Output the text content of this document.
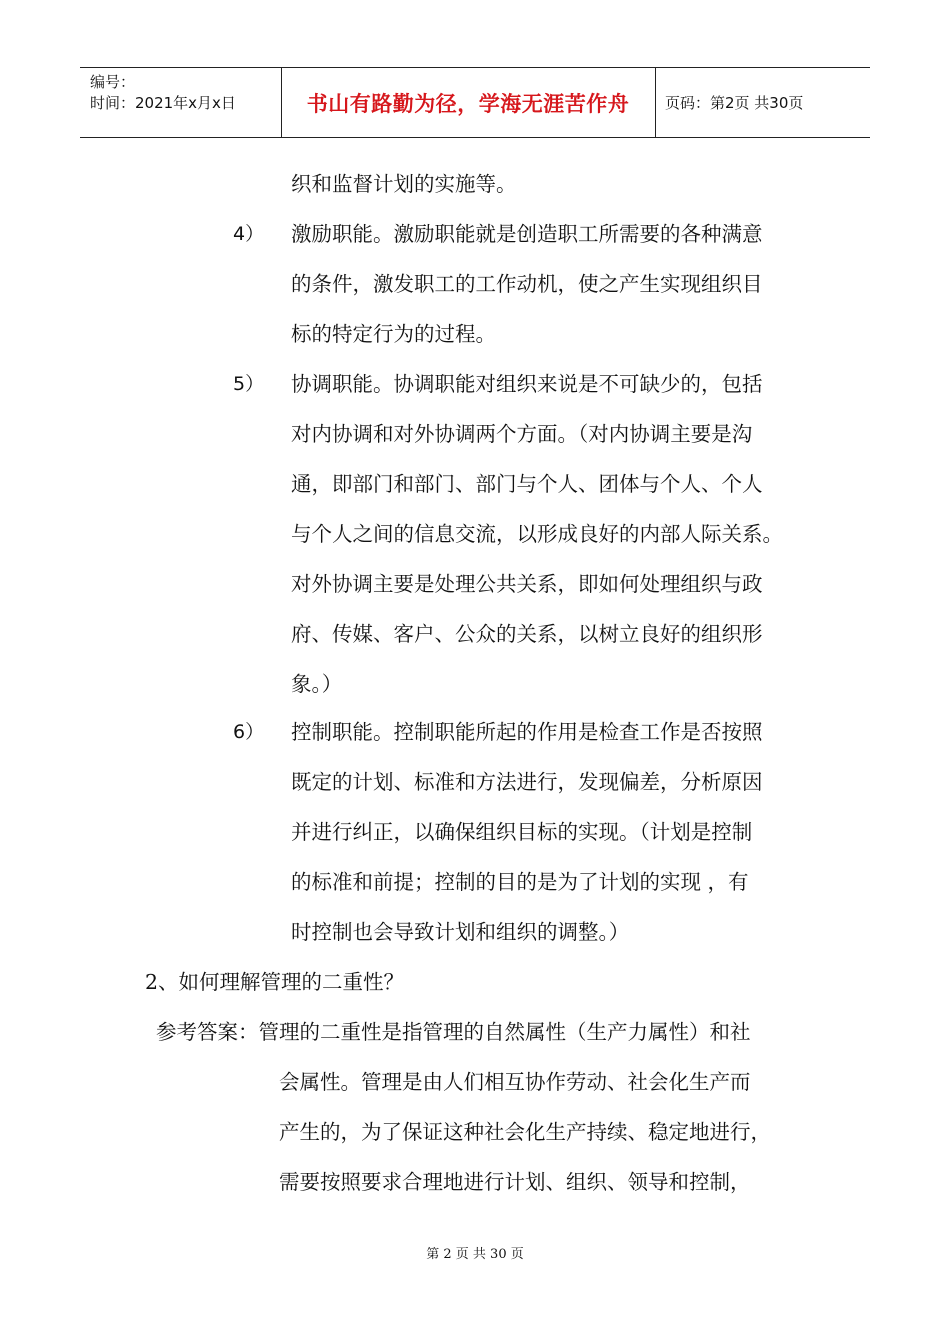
编号：
时间：2021年x月x日	书山有路勤为径，学海无涯苦作舟	页码：第2页 共30页
织和监督计划的实施等。
4） 激励职能。激励职能就是创造职工所需要的各种满意
的条件，激发职工的工作动机，使之产生实现组织目
标的特定行为的过程。
5） 协调职能。协调职能对组织来说是不可缺少的，包括
对内协调和对外协调两个方面。（对内协调主要是沟
通，即部门和部门、部门与个人、团体与个人、个人
与个人之间的信息交流，以形成良好的内部人际关系。
对外协调主要是处理公共关系，即如何处理组织与政
府、传媒、客户、公众的关系，以树立良好的组织形
象。）
6） 控制职能。控制职能所起的作用是检查工作是否按照
既定的计划、标准和方法进行，发现偏差，分析原因
并进行纠正，以确保组织目标的实现。（计划是控制
的标准和前提；控制的目的是为了计划的实现 ，有
时控制也会导致计划和组织的调整。）
2、如何理解管理的二重性？
参考答案：管理的二重性是指管理的自然属性（生产力属性）和社
会属性。管理是由人们相互协作劳动、社会化生产而
产生的，为了保证这种社会化生产持续、稳定地进行，
需要按照要求合理地进行计划、组织、领导和控制，
第 2 页 共 30 页
